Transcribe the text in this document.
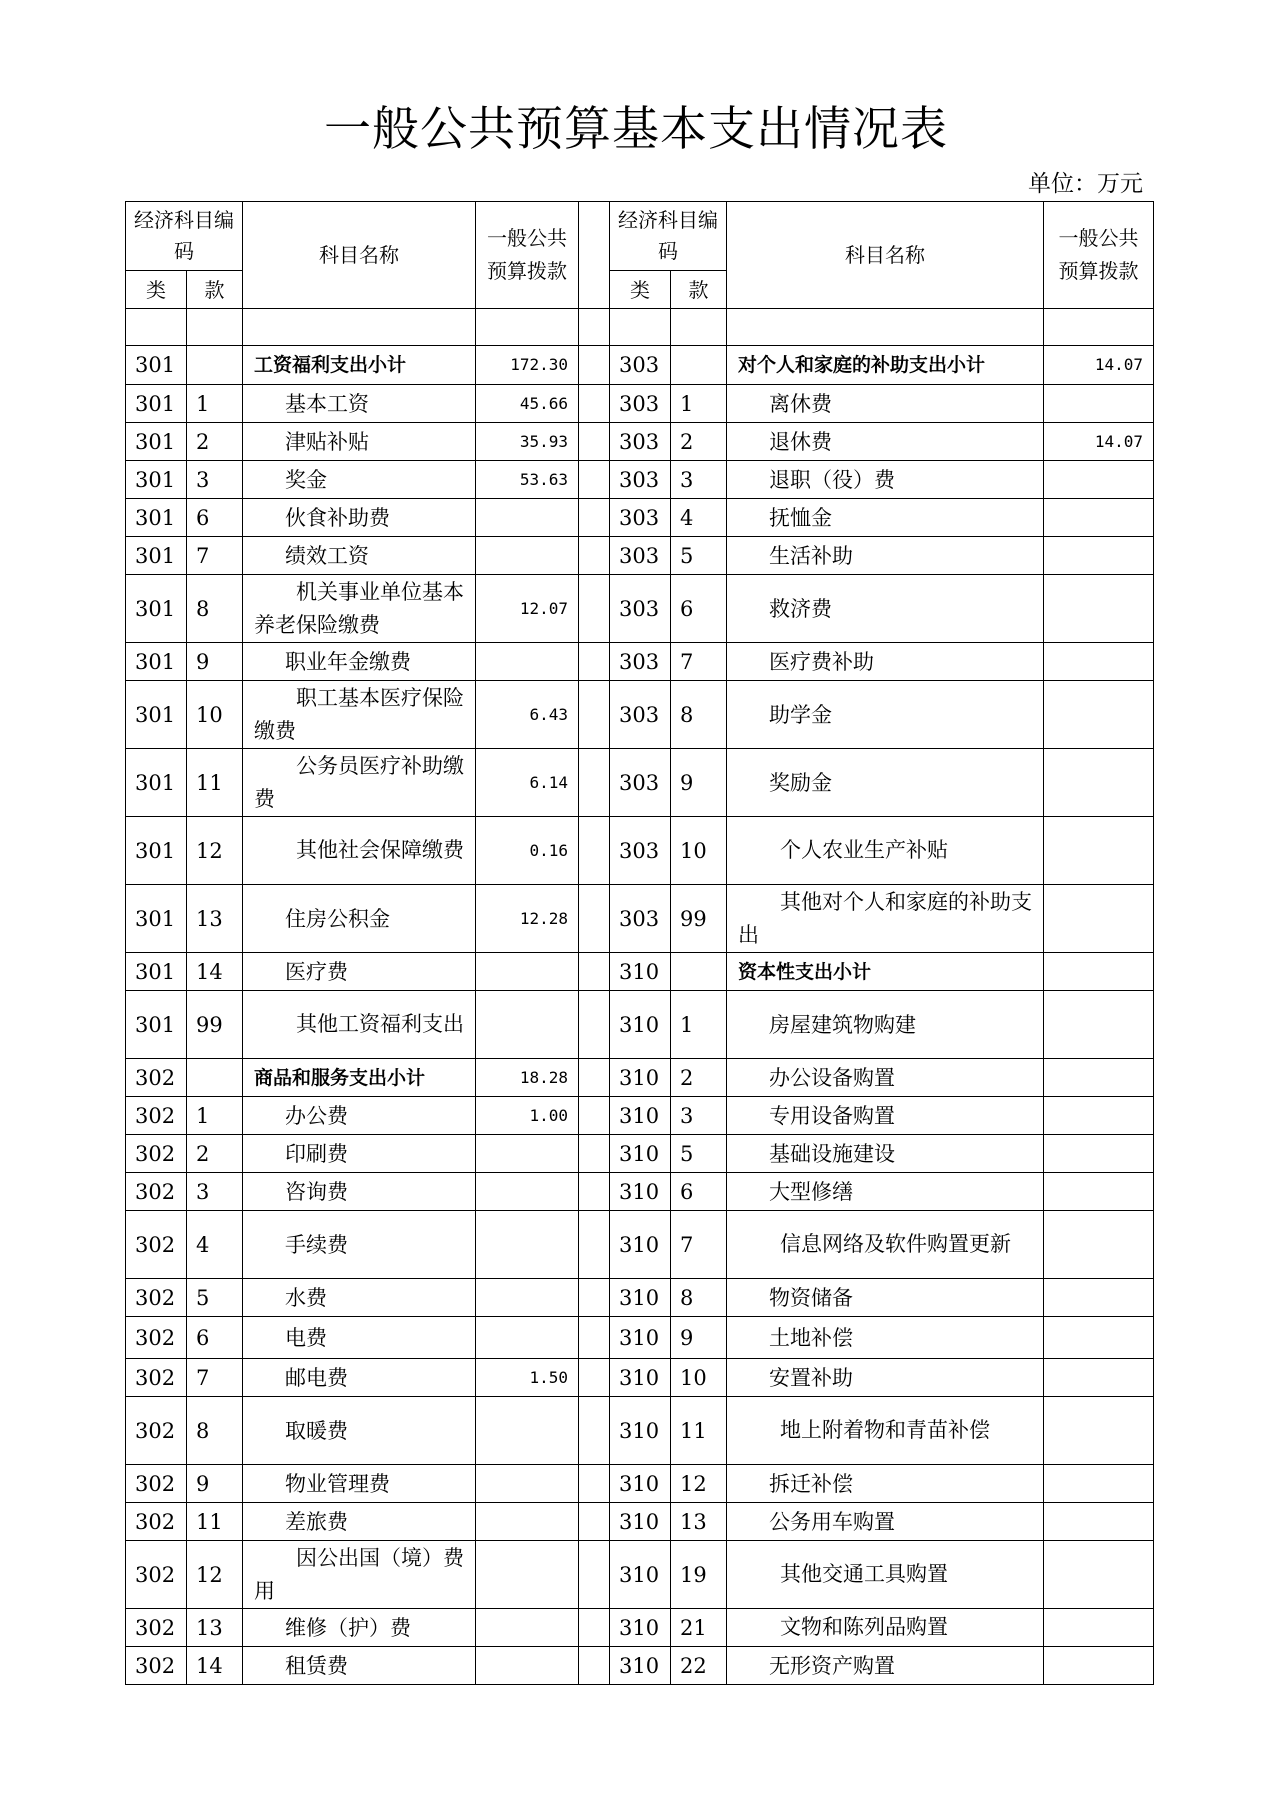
一般公共预算基本支出情况表
单位：万元
经济科目编码		科目名称	一般公共预算拨款		经济科目编码		科目名称	一般公共预算拨款
类	款				类	款		

301		工资福利支出小计	172.30		303		对个人和家庭的补助支出小计	14.07
301	1	基本工资	45.66		303	1	离休费	
301	2	津贴补贴	35.93		303	2	退休费	14.07
301	3	奖金	53.63		303	3	退职（役）费	
301	6	伙食补助费			303	4	抚恤金	
301	7	绩效工资			303	5	生活补助	
301	8	机关事业单位基本养老保险缴费	12.07		303	6	救济费	
301	9	职业年金缴费			303	7	医疗费补助	
301	10	职工基本医疗保险缴费	6.43		303	8	助学金	
301	11	公务员医疗补助缴费	6.14		303	9	奖励金	
301	12	其他社会保障缴费	0.16		303	10	个人农业生产补贴	
301	13	住房公积金	12.28		303	99	其他对个人和家庭的补助支出	
301	14	医疗费			310		资本性支出小计	
301	99	其他工资福利支出			310	1	房屋建筑物购建	
302		商品和服务支出小计	18.28		310	2	办公设备购置	
302	1	办公费	1.00		310	3	专用设备购置	
302	2	印刷费			310	5	基础设施建设	
302	3	咨询费			310	6	大型修缮	
302	4	手续费			310	7	信息网络及软件购置更新	
302	5	水费			310	8	物资储备	
302	6	电费			310	9	土地补偿	
302	7	邮电费	1.50		310	10	安置补助	
302	8	取暖费			310	11	地上附着物和青苗补偿	
302	9	物业管理费			310	12	拆迁补偿	
302	11	差旅费			310	13	公务用车购置	
302	12	因公出国（境）费用			310	19	其他交通工具购置	
302	13	维修（护）费			310	21	文物和陈列品购置	
302	14	租赁费			310	22	无形资产购置	
